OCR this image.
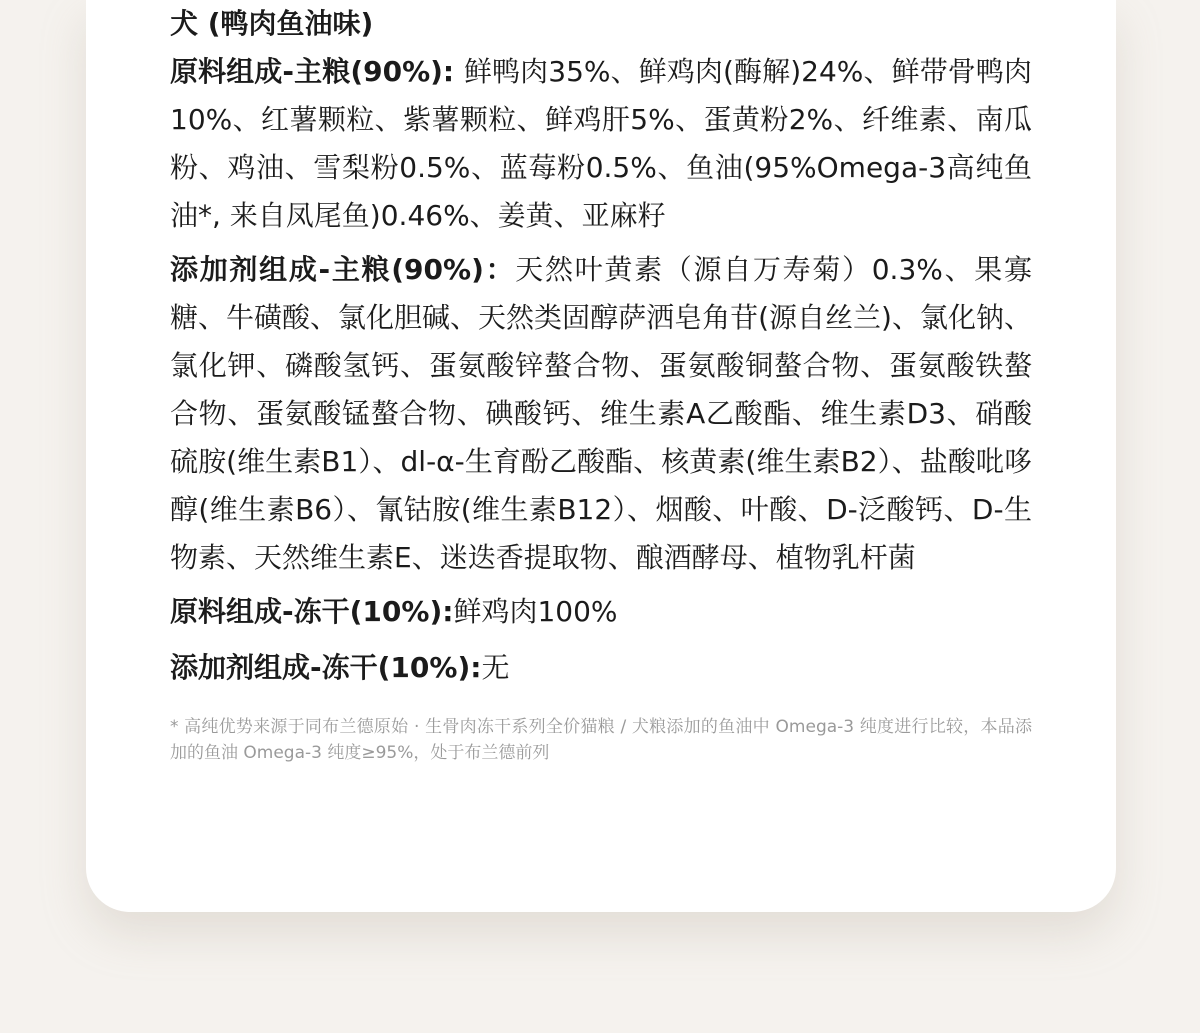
犬 (鸭肉鱼油味)

原料组成-主粮(90%): 鲜鸭肉35%、鲜鸡肉(酶解)24%、鲜带骨鸭肉10%、红薯颗粒、紫薯颗粒、鲜鸡肝5%、蛋黄粉2%、纤维素、南瓜粉、鸡油、雪梨粉0.5%、蓝莓粉0.5%、鱼油(95%Omega-3高纯鱼油*, 来自凤尾鱼)0.46%、姜黄、亚麻籽

添加剂组成-主粮(90%)：天然叶黄素（源自万寿菊）0.3%、果寡糖、牛磺酸、氯化胆碱、天然类固醇萨洒皂角苷(源自丝兰)、氯化钠、氯化钾、磷酸氢钙、蛋氨酸锌螯合物、蛋氨酸铜螯合物、蛋氨酸铁螯合物、蛋氨酸锰螯合物、碘酸钙、维生素A乙酸酯、维生素D3、硝酸硫胺(维生素B1）、dl-α-生育酚乙酸酯、核黄素(维生素B2）、盐酸吡哆醇(维生素B6）、氰钴胺(维生素B12）、烟酸、叶酸、D-泛酸钙、D-生物素、天然维生素E、迷迭香提取物、酿酒酵母、植物乳杆菌

原料组成-冻干(10%):鲜鸡肉100%

添加剂组成-冻干(10%):无

* 高纯优势来源于同布兰德原始 · 生骨肉冻干系列全价猫粮 / 犬粮添加的鱼油中 Omega-3 纯度进行比较，本品添加的鱼油 Omega-3 纯度≥95%，处于布兰德前列
